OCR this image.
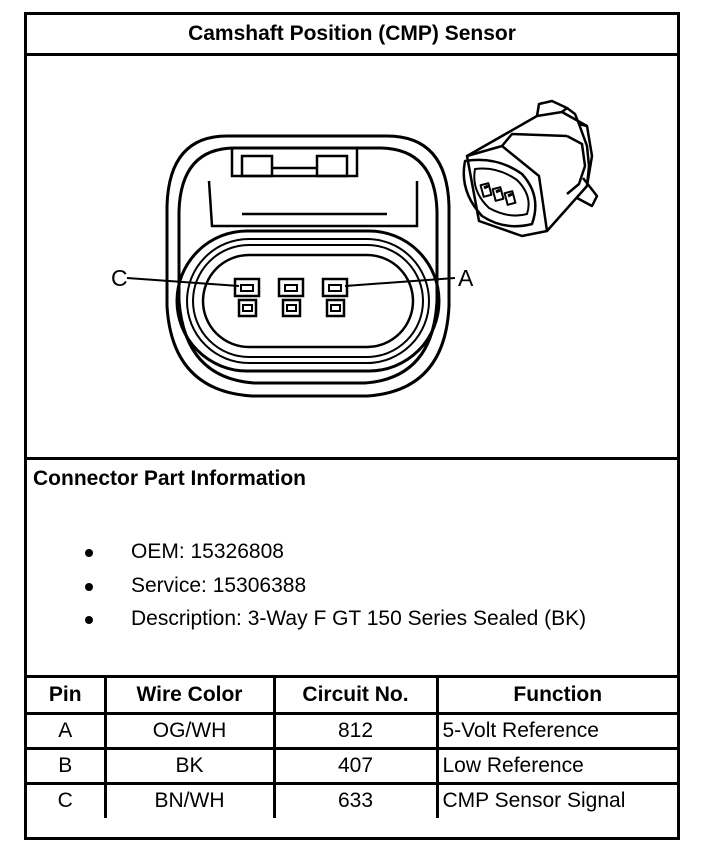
Camshaft Position (CMP) Sensor
C	A
Connector Part Information
OEM: 15326808
Service: 15306388
Description: 3-Way F GT 150 Series Sealed (BK)
Pin	Wire Color	Circuit No.	Function
A	OG/WH	812	5-Volt Reference
B	BK	407	Low Reference
C	BN/WH	633	CMP Sensor Signal
